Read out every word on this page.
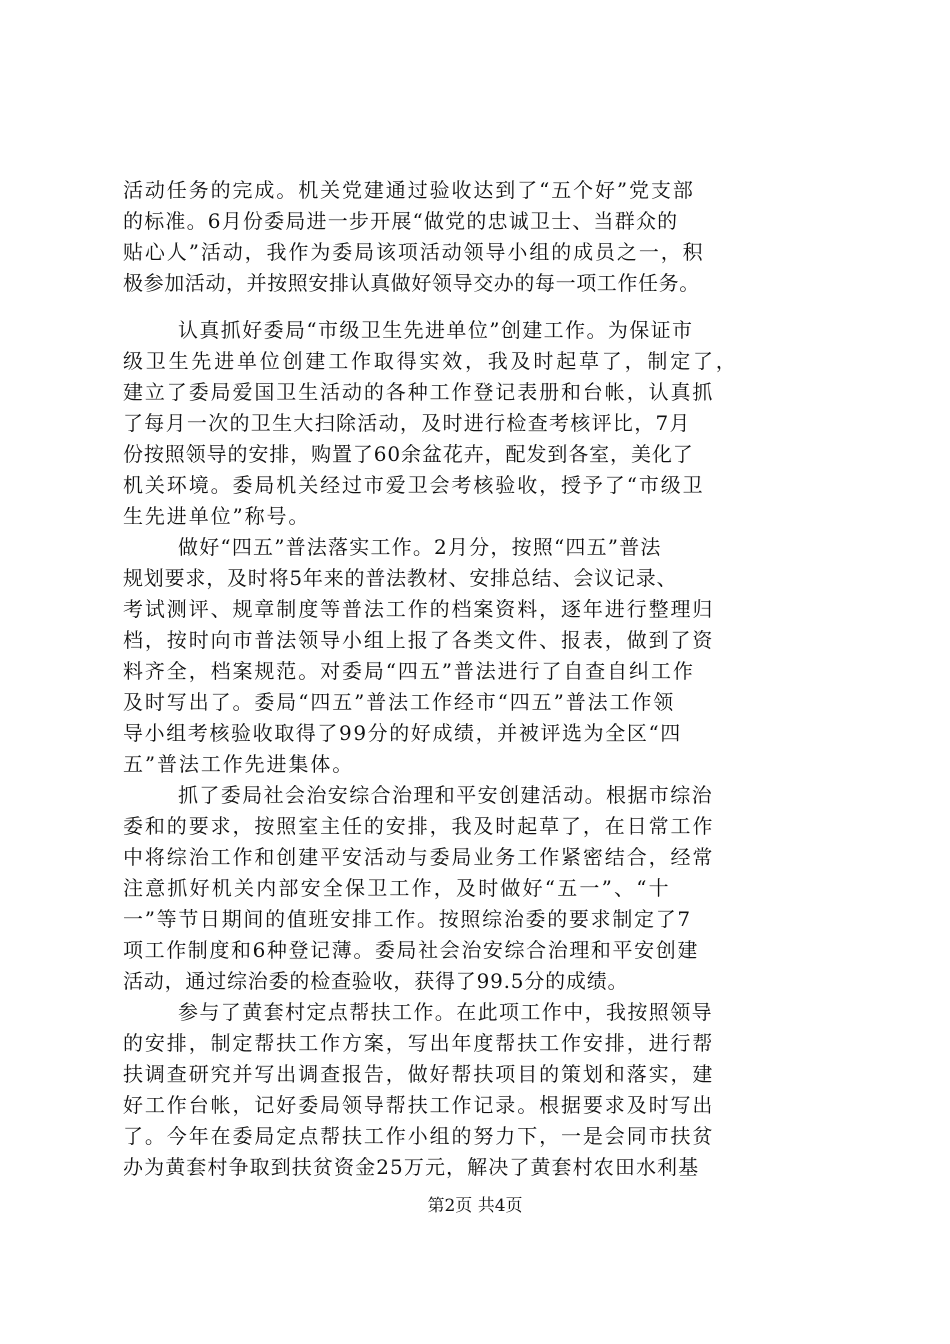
活动任务的完成。机关党建通过验收达到了“五个好”党支部
的标准。6月份委局进一步开展“做党的忠诚卫士、当群众的
贴心人”活动，我作为委局该项活动领导小组的成员之一，积
极参加活动，并按照安排认真做好领导交办的每一项工作任务。
认真抓好委局“市级卫生先进单位”创建工作。为保证市
级卫生先进单位创建工作取得实效，我及时起草了，制定了，
建立了委局爱国卫生活动的各种工作登记表册和台帐，认真抓
了每月一次的卫生大扫除活动，及时进行检查考核评比，7月
份按照领导的安排，购置了60余盆花卉，配发到各室，美化了
机关环境。委局机关经过市爱卫会考核验收，授予了“市级卫
生先进单位”称号。
做好“四五”普法落实工作。2月分，按照“四五”普法
规划要求，及时将5年来的普法教材、安排总结、会议记录、
考试测评、规章制度等普法工作的档案资料，逐年进行整理归
档，按时向市普法领导小组上报了各类文件、报表，做到了资
料齐全，档案规范。对委局“四五”普法进行了自查自纠工作
及时写出了。委局“四五”普法工作经市“四五”普法工作领
导小组考核验收取得了99分的好成绩，并被评选为全区“四
五”普法工作先进集体。
抓了委局社会治安综合治理和平安创建活动。根据市综治
委和的要求，按照室主任的安排，我及时起草了，在日常工作
中将综治工作和创建平安活动与委局业务工作紧密结合，经常
注意抓好机关内部安全保卫工作，及时做好“五一”、“十
一”等节日期间的值班安排工作。按照综治委的要求制定了7
项工作制度和6种登记薄。委局社会治安综合治理和平安创建
活动，通过综治委的检查验收，获得了99.5分的成绩。
参与了黄套村定点帮扶工作。在此项工作中，我按照领导
的安排，制定帮扶工作方案，写出年度帮扶工作安排，进行帮
扶调查研究并写出调查报告，做好帮扶项目的策划和落实，建
好工作台帐，记好委局领导帮扶工作记录。根据要求及时写出
了。今年在委局定点帮扶工作小组的努力下，一是会同市扶贫
办为黄套村争取到扶贫资金25万元，解决了黄套村农田水利基
第2页 共4页
